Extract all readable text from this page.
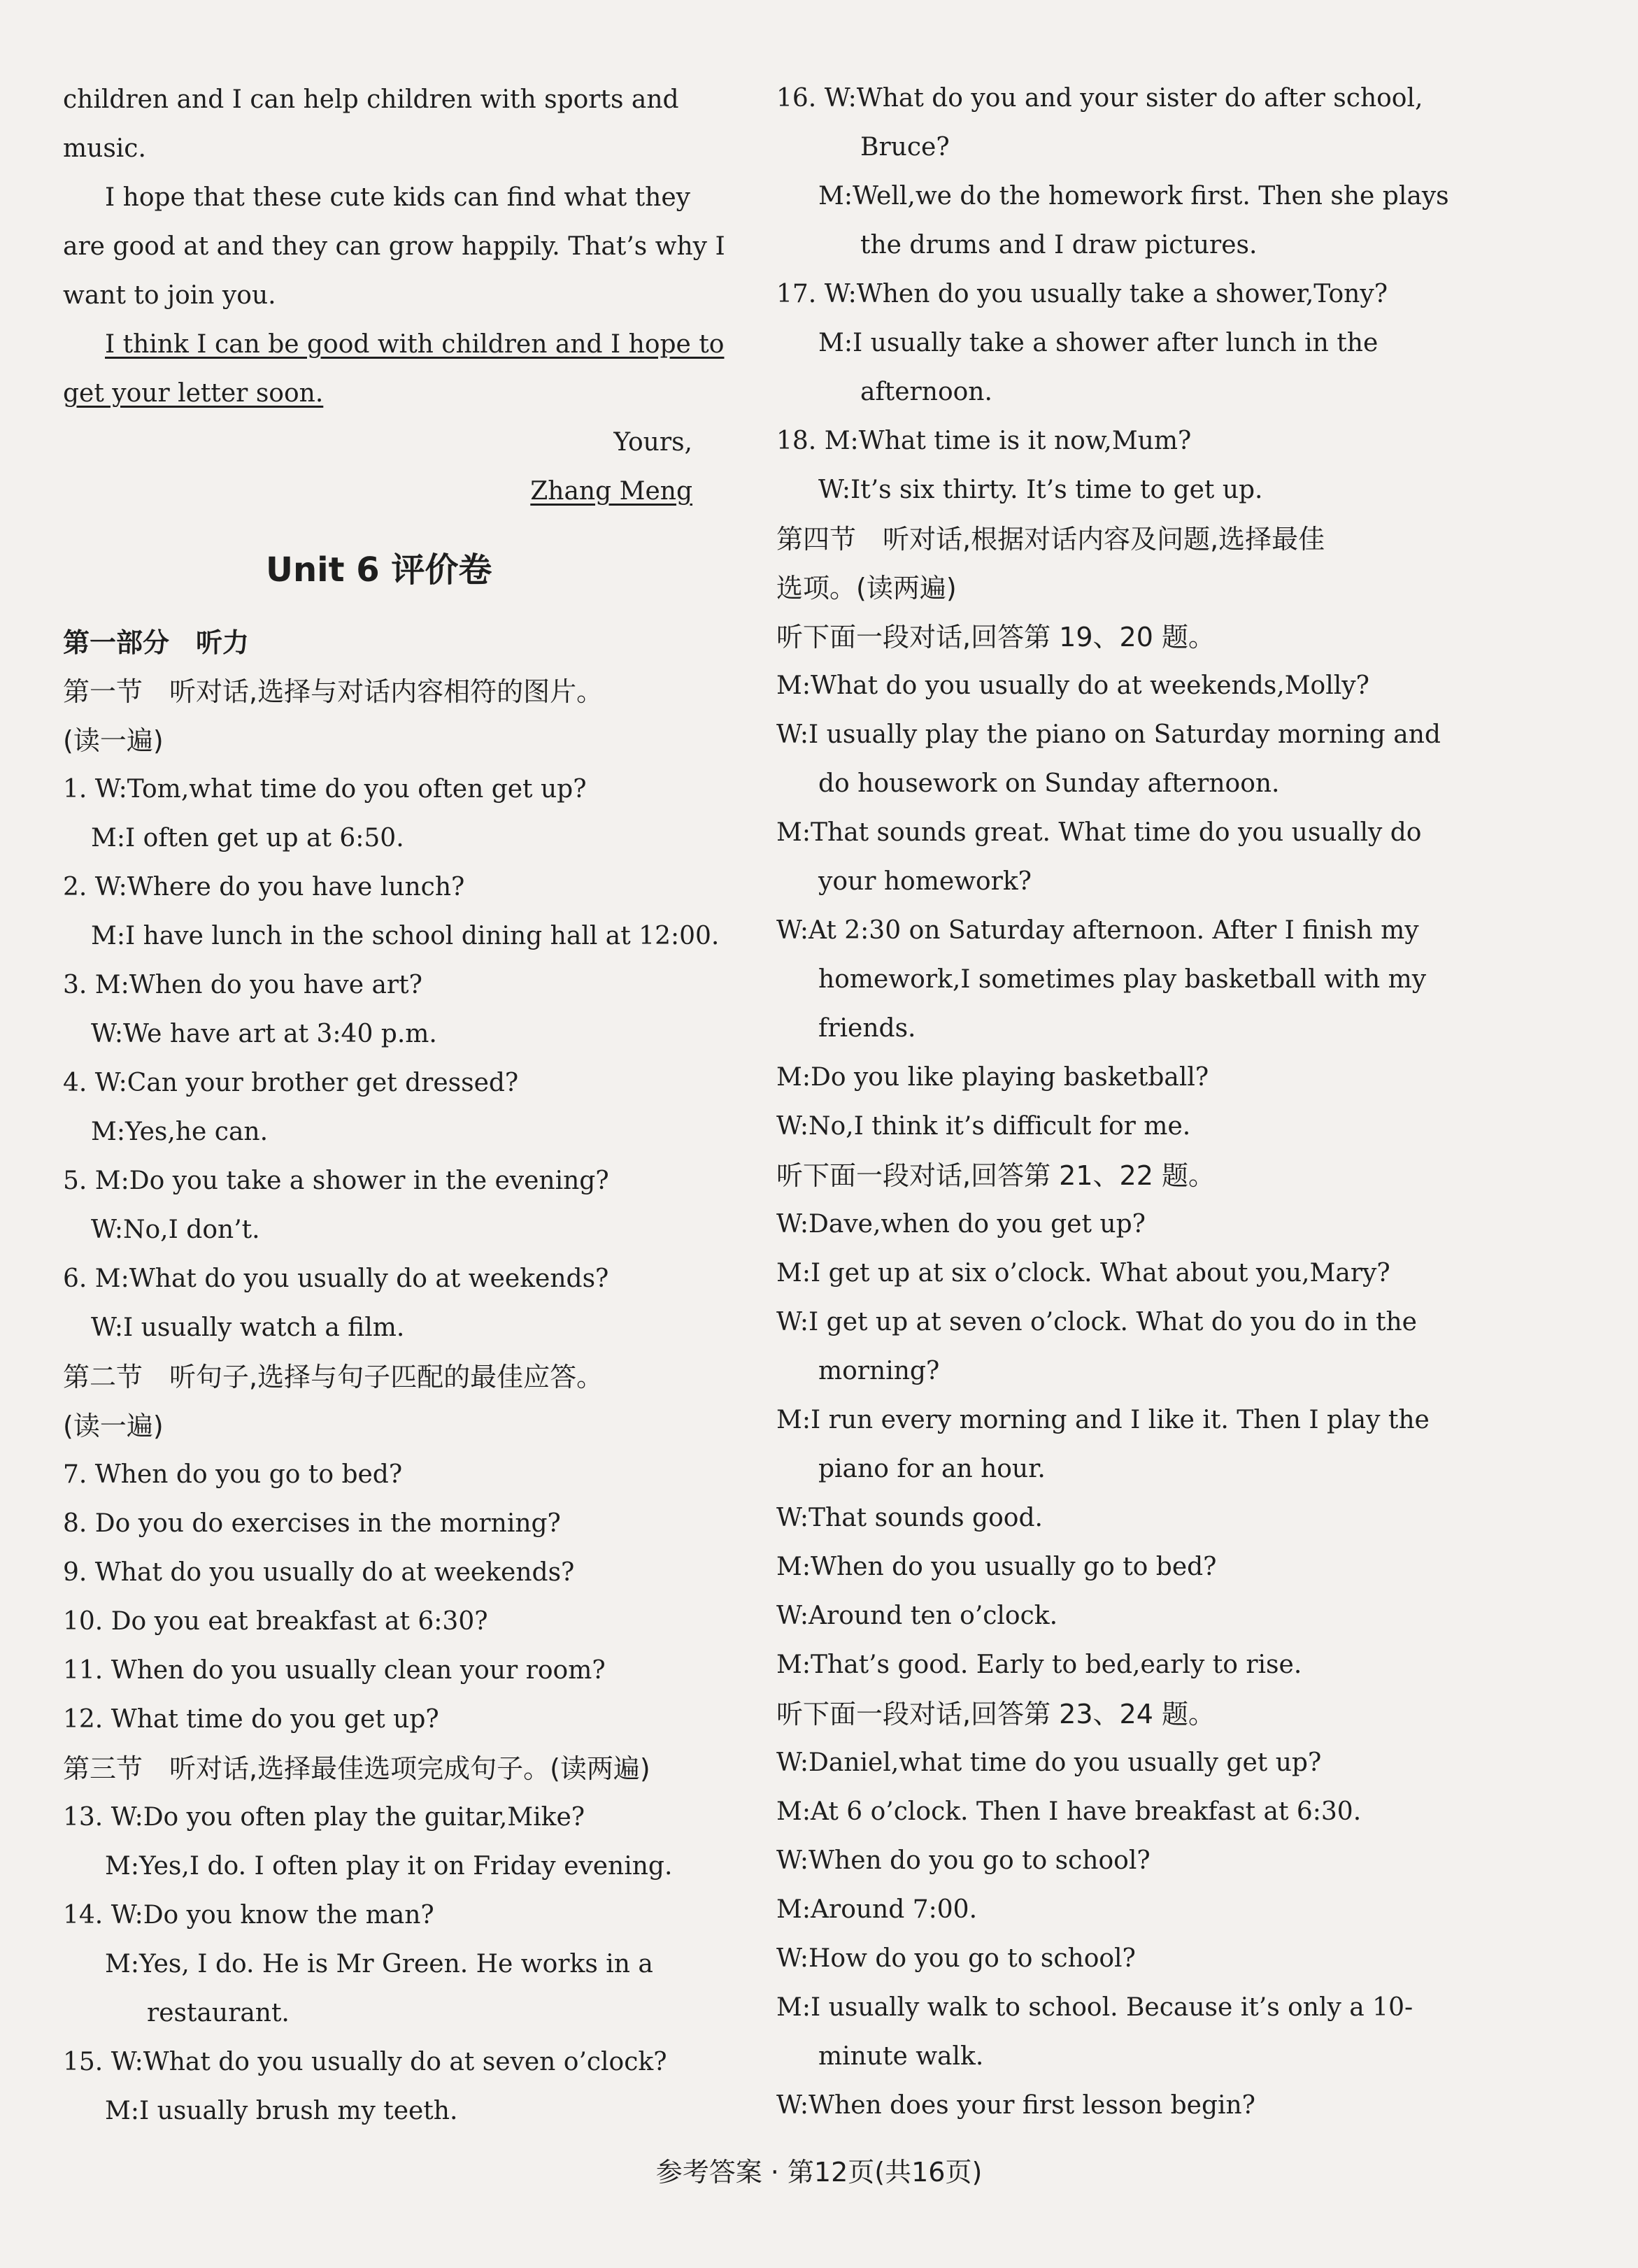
children and I can help children with sports and
music.
I hope that these cute kids can find what they
are good at and they can grow happily. That’s why I
want to join you.
I think I can be good with children and I hope to
get your letter soon.
Yours,
Zhang Meng
Unit 6 评价卷
第一部分　听力
第一节　听对话,选择与对话内容相符的图片。
(读一遍)
1. W:Tom,what time do you often get up?
M:I often get up at 6:50.
2. W:Where do you have lunch?
M:I have lunch in the school dining hall at 12:00.
3. M:When do you have art?
W:We have art at 3:40 p.m.
4. W:Can your brother get dressed?
M:Yes,he can.
5. M:Do you take a shower in the evening?
W:No,I don’t.
6. M:What do you usually do at weekends?
W:I usually watch a film.
第二节　听句子,选择与句子匹配的最佳应答。
(读一遍)
7. When do you go to bed?
8. Do you do exercises in the morning?
9. What do you usually do at weekends?
10. Do you eat breakfast at 6:30?
11. When do you usually clean your room?
12. What time do you get up?
第三节　听对话,选择最佳选项完成句子。(读两遍)
13. W:Do you often play the guitar,Mike?
M:Yes,I do. I often play it on Friday evening.
14. W:Do you know the man?
M:Yes, I do. He is Mr Green. He works in a
restaurant.
15. W:What do you usually do at seven o’clock?
M:I usually brush my teeth.
16. W:What do you and your sister do after school,
Bruce?
M:Well,we do the homework first. Then she plays
the drums and I draw pictures.
17. W:When do you usually take a shower,Tony?
M:I usually take a shower after lunch in the
afternoon.
18. M:What time is it now,Mum?
W:It’s six thirty. It’s time to get up.
第四节　听对话,根据对话内容及问题,选择最佳
选项。(读两遍)
听下面一段对话,回答第 19、20 题。
M:What do you usually do at weekends,Molly?
W:I usually play the piano on Saturday morning and
do housework on Sunday afternoon.
M:That sounds great. What time do you usually do
your homework?
W:At 2:30 on Saturday afternoon. After I finish my
homework,I sometimes play basketball with my
friends.
M:Do you like playing basketball?
W:No,I think it’s difficult for me.
听下面一段对话,回答第 21、22 题。
W:Dave,when do you get up?
M:I get up at six o’clock. What about you,Mary?
W:I get up at seven o’clock. What do you do in the
morning?
M:I run every morning and I like it. Then I play the
piano for an hour.
W:That sounds good.
M:When do you usually go to bed?
W:Around ten o’clock.
M:That’s good. Early to bed,early to rise.
听下面一段对话,回答第 23、24 题。
W:Daniel,what time do you usually get up?
M:At 6 o’clock. Then I have breakfast at 6:30.
W:When do you go to school?
M:Around 7:00.
W:How do you go to school?
M:I usually walk to school. Because it’s only a 10-
minute walk.
W:When does your first lesson begin?
参考答案 · 第12页(共16页)
